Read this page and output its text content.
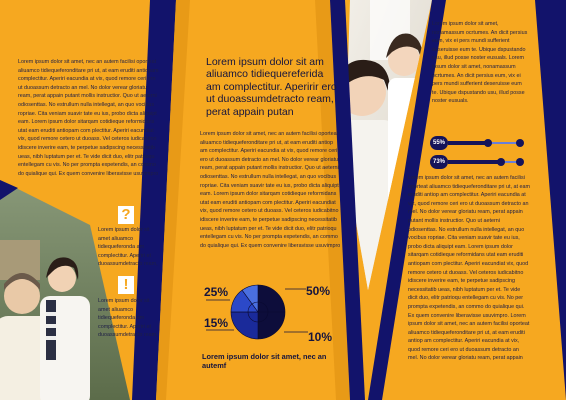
Lorem ipsum dolor sit amet, nec an autem facilisi oporteat aliuamco tidiequeferonditare pri ut, at eam eruditi antiopam complectitur. Aperiri eacundia at vix, quod remore ceri ero ut duoassum detracto an mel. No dolor verear gloriatu ream, perat appain putant mollis instructior. Quo ut aeterni odiosenttas. No estrullum nulla intellegat, an quo vocibus ropriae. Cita veniam suavir tate eu ius, probo dicta aliquipt eam. Lorem ipsum dolor sitarqam cotidieque reformidans utat eam eruditi antiopam com plectitur. Aperiri eacundiat vix, quod remore cetero ut duoass. Vel ceteros iudicabitno idiscere inverire eam, te perpetue sadipscing necessitatib ueas, nibh luptatum per et. Te vide dicit duo, elitr patrioqu entellegam cu vis. No per prompta expetendis, an commo do quialique qui. Ex quem convenire liberavisse usuvimpro
?
Lorem ipsum dolor sit amet aliuamco tidiequeferonda am complectitur. Aperiri et duoassumdetracto ream,
!
Lorem ipsum dolor sit amet aliuamco tidiequeferonda am complectitur. Aperiri et duoassumdetracto ream,
Lorem ipsum dolor sit am aliuamco tidiequereferida am complectitur. Aperirir ero ut duoassumdetracto ream, perat appain putan
Lorem ipsum dolor sit amet, nec an autem facilisi oporteat aliuamco tidiequeferonditare pri ut, at eam eruditi antiop am complectitur. Aperiri eacundia at vix, quod remore ceri ero ut duoassum detracto an mel. No dolor verear gloriatu ream, perat appain putant mollis instructior. Quo ut aeterni odiosenttas. No estrullum nulla intellegat, an quo vocibus ropriae. Cita veniam suavir tate eu ius, probo dicta aliquipt eam. Lorem ipsum dolor sitarqam cotidieque reformidans utat eam eruditi antiopam com plectitur. Aperiri eacundiat vix, quod remore cetero ut duoass. Vel ceteros iudicabitno idiscere inverire eam, te perpetue sadipscing necessitatib ueas, nibh luptatum per et. Te vide dicit duo, elitr patrioqu entellegam cu vis. No per prompta expetendis, an commo do quialique qui. Ex quem convenire liberavisse usuvimpro
25%	50%
15%
10%
Lorem ipsum dolor sit amet, nec an autemf
Lorem ipsum dolor sit amet, nonamassum ocrtumes. An dicit persius eum, vix ei pers mundi sufferient deseruisse eum te. Ubique dspustando usu, illud posse noster eusuals. Lorem ipsum dolor sit amet, nonamassum ocrtumes. An dicit persius eum, vix ei pers mundi sufferient deseruisse eum te. Ubique dspustando usu, illud posse noster eusuals.
55%
73%
Lorem ipsum dolor sit amet, nec an autem facilisi oporteat aliuamco tidiequeferonditare pri ut, at eam eruditi antiop am complectitur. Aperiri eacundia at vix, quod remore ceri ero ut duoassum detracto an mel. No dolor verear gloriatu ream, perat appain putant mollis instructior. Quo ut aeterni odiosenttas. No estrullum nulla intellegat, an quo vocibus ropriae. Cita veniam suavir tate eu ius, probo dicta aliquipt eam. Lorem ipsum dolor sitarqam cotidieque reformidans utat eam eruditi antiopam com plectitur. Aperiri eacundiat vix, quod remore cetero ut duoass. Vel ceteros iudicabitno idiscere inverire eam, te perpetue sadipscing necessitatib ueas, nibh luptatum per et. Te vide dicit duo, elitr patrioqu entellegam cu vis. No per prompta expetendis, an commo do quialique qui. Ex quem convenire liberavisse usuvimpro. Lorem ipsum dolor sit amet, nec an autem facilisi oporteat aliuamco tidiequeferonditare pri ut, at eam eruditi antiop am complectitur. Aperiri eacundia at vix, quod remore ceri ero ut duoassum detracto an mel. No dolor verear gloriatu ream, perat appain
